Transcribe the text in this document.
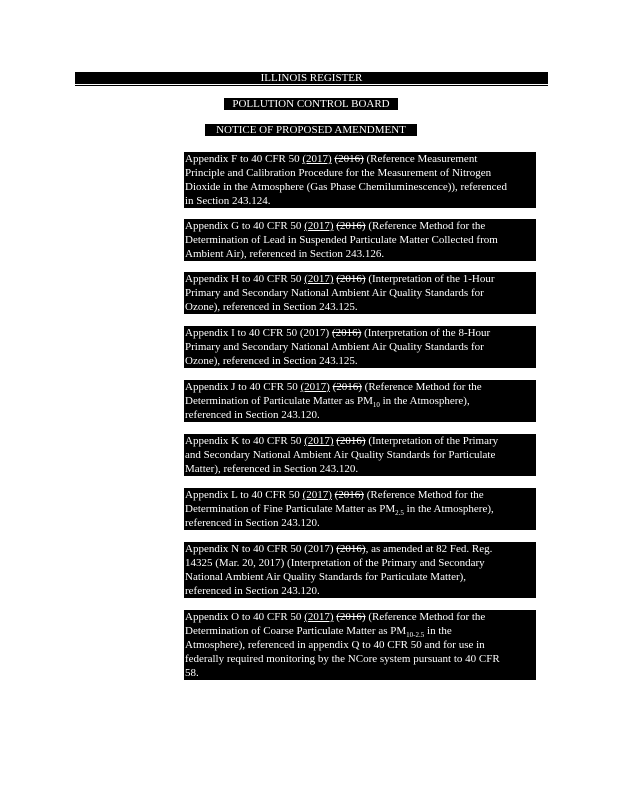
ILLINOIS REGISTER
POLLUTION CONTROL BOARD
NOTICE OF PROPOSED AMENDMENT
Appendix F to 40 CFR 50 (2017) (2016) (Reference Measurement
Principle and Calibration Procedure for the Measurement of Nitrogen
Dioxide in the Atmosphere (Gas Phase Chemiluminescence)), referenced
in Section 243.124.
Appendix G to 40 CFR 50 (2017) (2016) (Reference Method for the
Determination of Lead in Suspended Particulate Matter Collected from
Ambient Air), referenced in Section 243.126.
Appendix H to 40 CFR 50 (2017) (2016) (Interpretation of the 1-Hour
Primary and Secondary National Ambient Air Quality Standards for
Ozone), referenced in Section 243.125.
Appendix I to 40 CFR 50 (2017) (2016) (Interpretation of the 8-Hour
Primary and Secondary National Ambient Air Quality Standards for
Ozone), referenced in Section 243.125.
Appendix J to 40 CFR 50 (2017) (2016) (Reference Method for the
Determination of Particulate Matter as $PM_{10}$ in the Atmosphere),
referenced in Section 243.120.
Appendix K to 40 CFR 50 (2017) (2016) (Interpretation of the Primary
and Secondary National Ambient Air Quality Standards for Particulate
Matter), referenced in Section 243.120.
Appendix L to 40 CFR 50 (2017) (2016) (Reference Method for the
Determination of Fine Particulate Matter as $PM_{2.5}$ in the Atmosphere),
referenced in Section 243.120.
Appendix N to 40 CFR 50 (2017) (2016), as amended at 82 Fed. Reg.
14325 (Mar. 20, 2017) (Interpretation of the Primary and Secondary
National Ambient Air Quality Standards for Particulate Matter),
referenced in Section 243.120.
Appendix O to 40 CFR 50 (2017) (2016) (Reference Method for the
Determination of Coarse Particulate Matter as $PM_{10-2.5}$ in the
Atmosphere), referenced in appendix Q to 40 CFR 50 and for use in
federally required monitoring by the NCore system pursuant to 40 CFR
58.
